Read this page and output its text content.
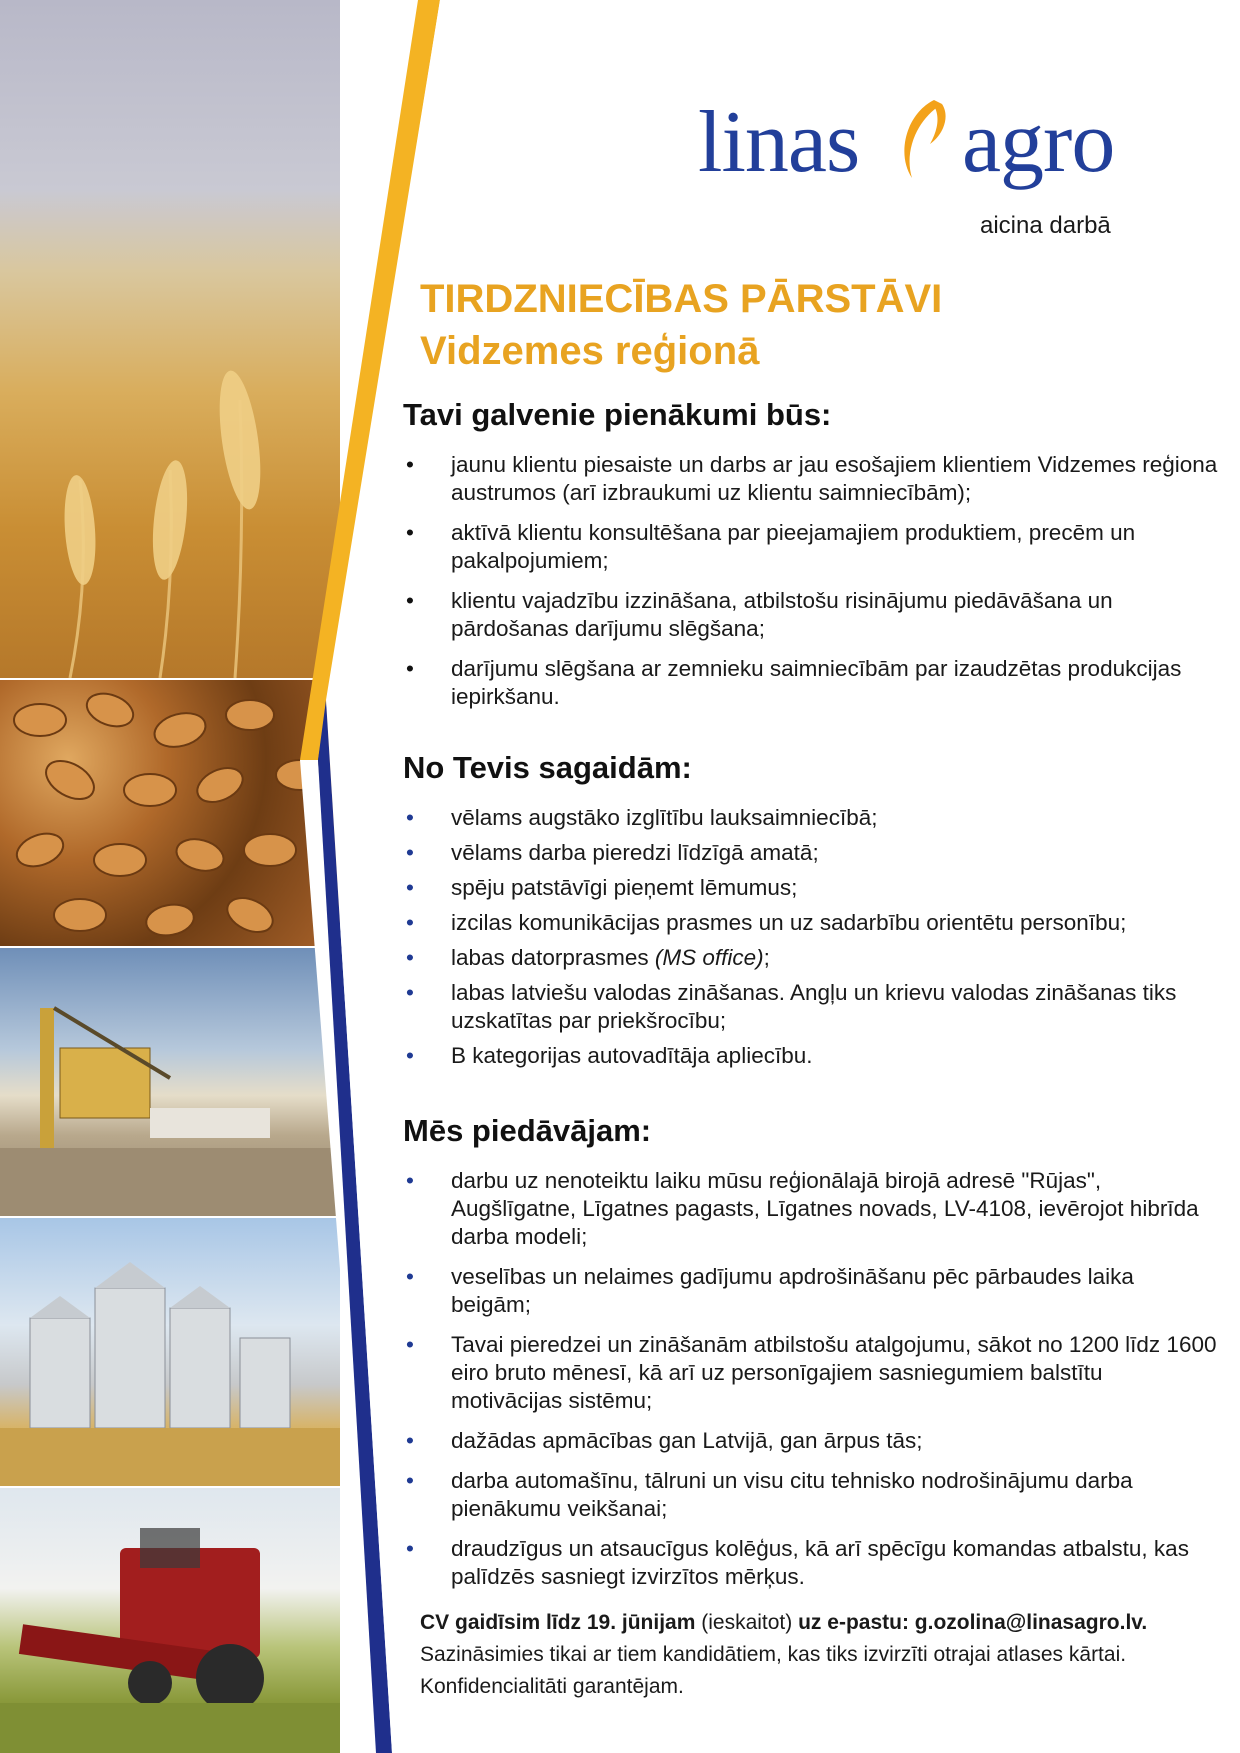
linas agro
aicina darbā
TIRDZNIECĪBAS PĀRSTĀVI
Vidzemes reģionā
Tavi galvenie pienākumi būs:
• jaunu klientu piesaiste un darbs ar jau esošajiem klientiem Vidzemes reģiona austrumos (arī izbraukumi uz klientu saimniecībām);
• aktīvā klientu konsultēšana par pieejamajiem produktiem, precēm un pakalpojumiem;
• klientu vajadzību izzināšana, atbilstošu risinājumu piedāvāšana un pārdošanas darījumu slēgšana;
• darījumu slēgšana ar zemnieku saimniecībām par izaudzētas produkcijas iepirkšanu.
No Tevis sagaidām:
• vēlams augstāko izglītību lauksaimniecībā;
• vēlams darba pieredzi līdzīgā amatā;
• spēju patstāvīgi pieņemt lēmumus;
• izcilas komunikācijas prasmes un uz sadarbību orientētu personību;
• labas datorprasmes (MS office);
• labas latviešu valodas zināšanas. Angļu un krievu valodas zināšanas tiks uzskatītas par priekšrocību;
• B kategorijas autovadītāja apliecību.
Mēs piedāvājam:
• darbu uz nenoteiktu laiku mūsu reģionālajā birojā adresē "Rūjas", Augšlīgatne, Līgatnes pagasts, Līgatnes novads, LV-4108, ievērojot hibrīda darba modeli;
• veselības un nelaimes gadījumu apdrošināšanu pēc pārbaudes laika beigām;
• Tavai pieredzei un zināšanām atbilstošu atalgojumu, sākot no 1200 līdz 1600 eiro bruto mēnesī, kā arī uz personīgajiem sasniegumiem balstītu motivācijas sistēmu;
• dažādas apmācības gan Latvijā, gan ārpus tās;
• darba automašīnu, tālruni un visu citu tehnisko nodrošinājumu darba pienākumu veikšanai;
• draudzīgus un atsaucīgus kolēģus, kā arī spēcīgu komandas atbalstu, kas palīdzēs sasniegt izvirzītos mērķus.
CV gaidīsim līdz 19. jūnijam (ieskaitot) uz e-pastu: g.ozolina@linasagro.lv.
Sazināsimies tikai ar tiem kandidātiem, kas tiks izvirzīti otrajai atlases kārtai.
Konfidencialitāti garantējam.
